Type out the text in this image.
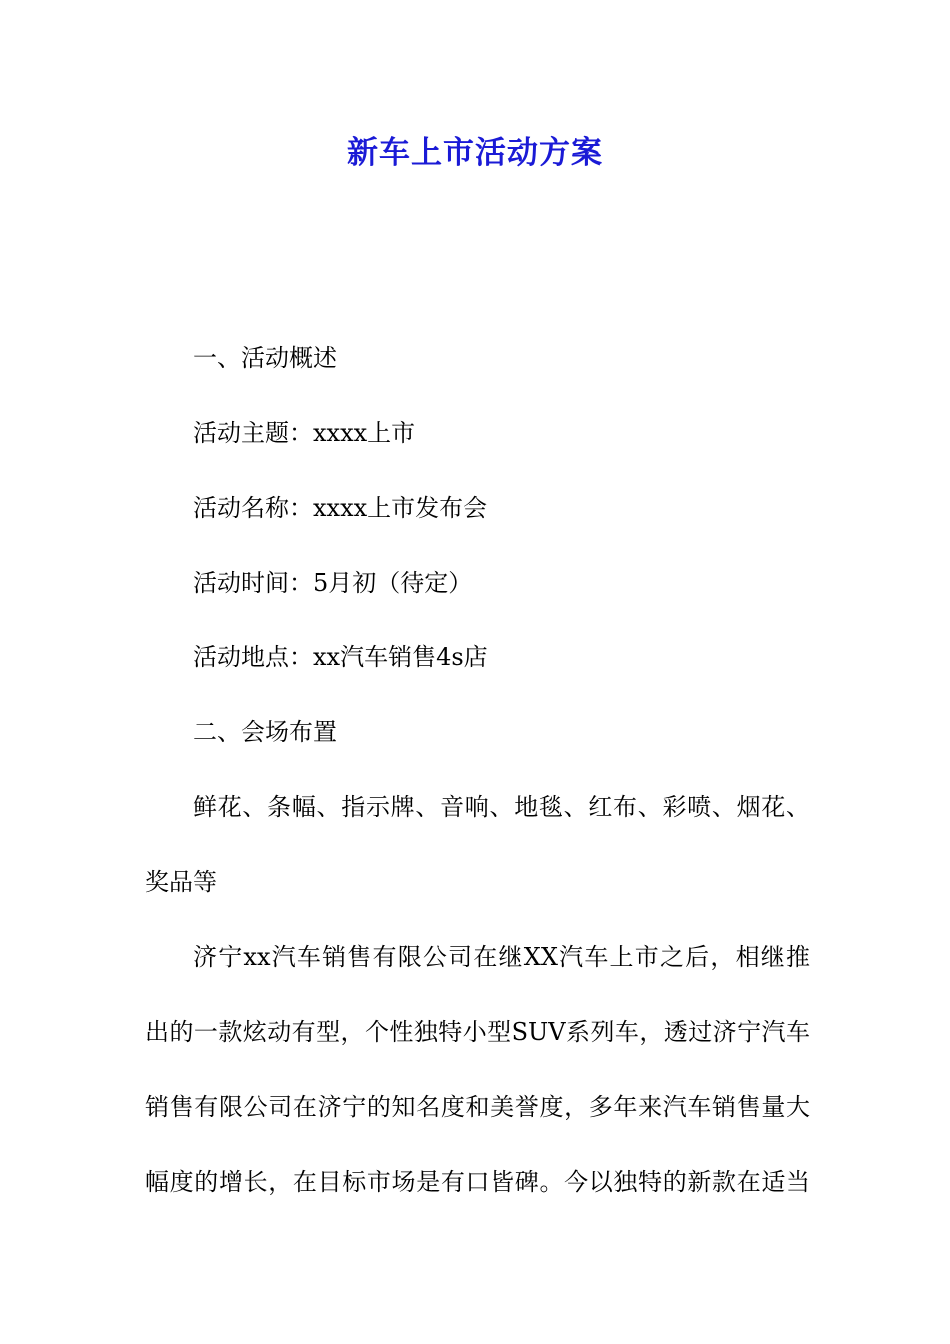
新车上市活动方案
一、活动概述
活动主题：xxxx上市
活动名称：xxxx上市发布会
活动时间：5月初（待定）
活动地点：xx汽车销售4s店
二、会场布置
鲜花、条幅、指示牌、音响、地毯、红布、彩喷、烟花、
奖品等
济宁xx汽车销售有限公司在继XX汽车上市之后，相继推
出的一款炫动有型，个性独特小型SUV系列车，透过济宁汽车
销售有限公司在济宁的知名度和美誉度，多年来汽车销售量大
幅度的增长，在目标市场是有口皆碑。今以独特的新款在适当
